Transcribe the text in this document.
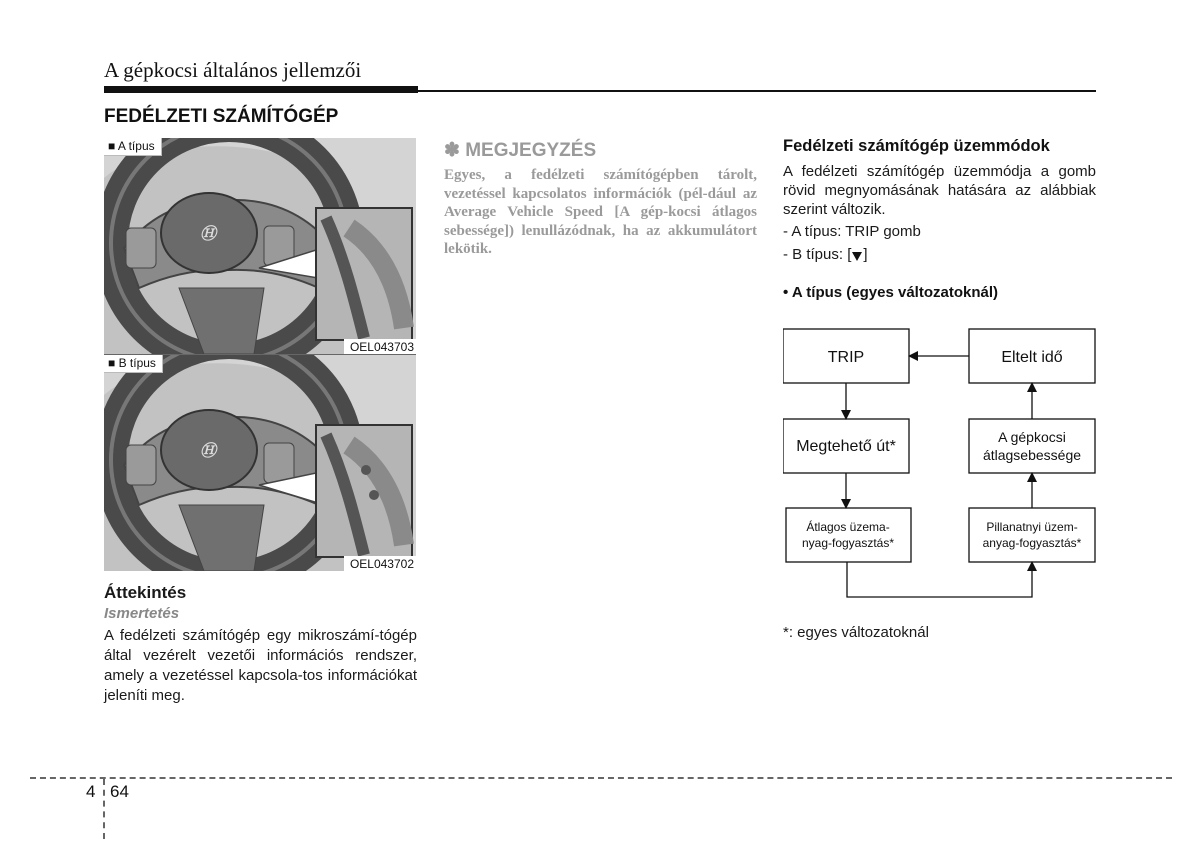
A gépkocsi általános jellemzői
FEDÉLZETI SZÁMÍTÓGÉP
Ⓗ
■ A típus
OEL043703
Ⓗ
■ B típus
OEL043702
Áttekintés
Ismertetés
A fedélzeti számítógép egy mikroszámí-tógép által vezérelt vezetői információs rendszer, amely a vezetéssel kapcsola-tos információkat jeleníti meg.
✽ MEGJEGYZÉS
Egyes, a fedélzeti számítógépben tárolt, vezetéssel kapcsolatos információk (pél-dául az Average Vehicle Speed [A gép-kocsi átlagos sebessége]) lenullázódnak, ha az akkumulátort lekötik.
Fedélzeti számítógép üzemmódok
A fedélzeti számítógép üzemmódja a gomb rövid megnyomásának hatására az alábbiak szerint változik.
- A típus: TRIP gomb
- B típus: [ ]
• A típus (egyes változatoknál)
TRIP	Eltelt idő
Megtehető út*
A gépkocsi
átlagsebessége
Átlagos üzema-
nyag-fogyasztás*
Pillanatnyi üzem-
anyag-fogyasztás*
*: egyes változatoknál
4 64
